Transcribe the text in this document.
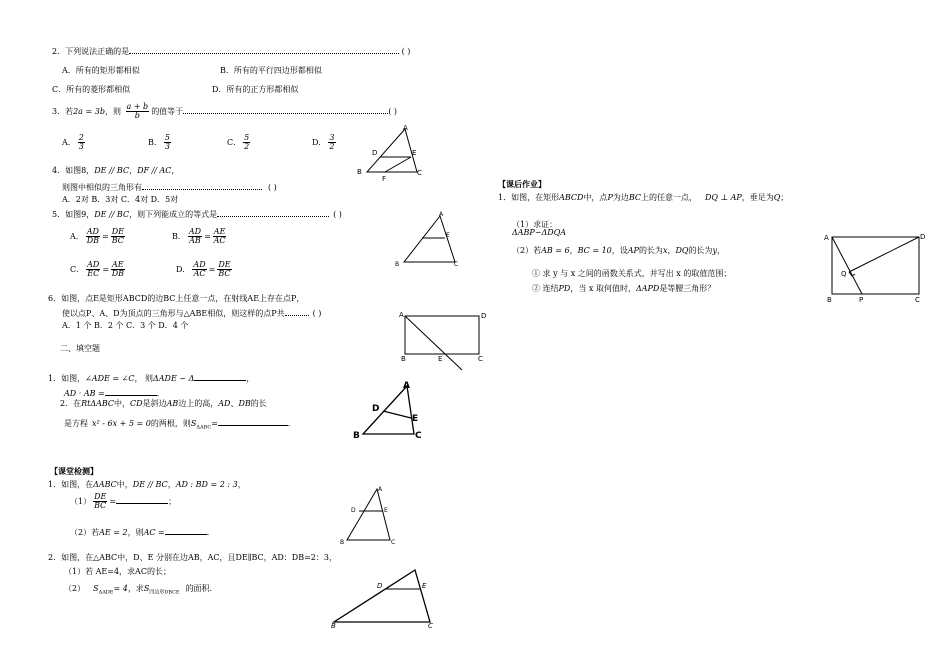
2．下列说法正确的是	( )
A．所有的矩形都相似	B．所有的平行四边形都相似
C．所有的菱形都相似	D．所有的正方形都相似
3．若2a = 3b，则 $\frac{a + b}{b}$ 的值等于	( )
A． $\frac{2}{3}$	B． $\frac{5}{3}$	C． $\frac{5}{2}$	D． $\frac{3}{2}$
A
D	E
B
F
C
4．如图8，DE // BC，DF // AC，
则图中相似的三角形有	( )
A．2对 B．3对 C．4对 D．5对
5．如图9，DE // BC，则下列能成立的等式是	( )
A． $\frac{AD}{DB} = \frac{DE}{BC}$	B． $\frac{AD}{AB} = \frac{AE}{AC}$
C． $\frac{AD}{EC} = \frac{AE}{DB}$	D． $\frac{AD}{AC} = \frac{DE}{BC}$
A
E
B	C
6．如图，点E是矩形ABCD的边BC上任意一点，在射线AE上存在点P，
使以点P、A、D为顶点的三角形与△ABE相似，则这样的点P共	( )
A．1 个 B．2 个 C．3 个 D．4 个
A	D
B	E	C
二、填空题
1．如图，∠ADE = ∠C， 则ΔADE ∽ Δ	，
AD · AB =	．
2．在RtΔABC中，CD是斜边AB边上的高，AD、DB的长
是方程 x² - 6x + 5 = 0的两根，则$S_{\Delta ABC}=$	．
A
D
E
B	C
【课堂检测】
1．如图，在ΔABC中，DE // BC，AD : BD = 2 : 3，
$(1) \frac{DE}{BC}$ =	；
（2）若AE = 2，则AC =	．
A
D	E
B	C
2．如图，在△ABC中，D、E 分别在边AB，AC，且DE∥BC，AD：DB=2：3，
（1）若 AE=4，求AC的长；
（2） $S_{\Delta ADE}= 4$，求$S_{四边形DBCE}$ 的面积.	D	E
B	C
【课后作业】
1．如图，在矩形ABCD中，点P为边BC上的任意一点， DQ ⊥ AP，垂足为Q；
（1）求证：
ΔABP∽ΔDQA
（2）若AB = 6，BC = 10，设AP的长为x，DQ的长为y，
① 求 y 与 x 之间的函数关系式，并写出 x 的取值范围；
② 连结PD，当 x 取何值时，ΔAPD是等腰三角形？
A	D
Q
B	P	C
